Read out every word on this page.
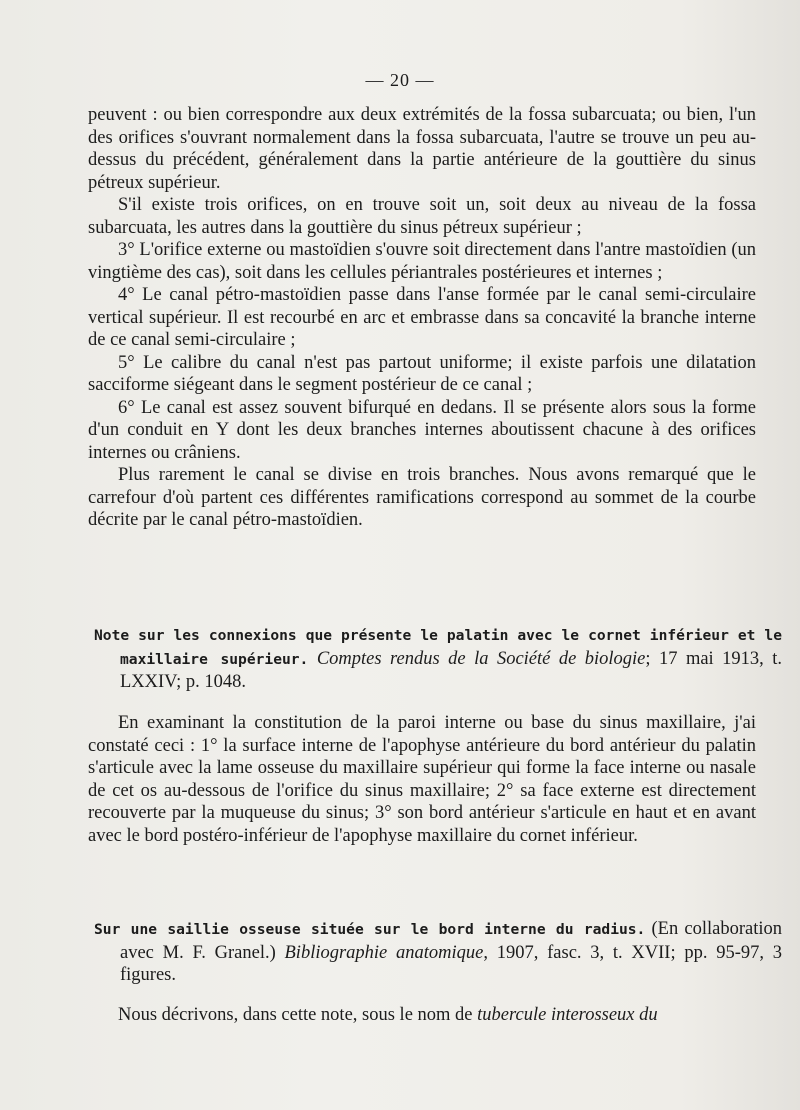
— 20 —

peuvent : ou bien correspondre aux deux extrémités de la fossa subarcuata; ou bien, l'un des orifices s'ouvrant normalement dans la fossa subarcuata, l'autre se trouve un peu au-dessus du précédent, généralement dans la partie antérieure de la gouttière du sinus pétreux supérieur.

S'il existe trois orifices, on en trouve soit un, soit deux au niveau de la fossa subarcuata, les autres dans la gouttière du sinus pétreux supérieur ;

3° L'orifice externe ou mastoïdien s'ouvre soit directement dans l'antre mastoïdien (un vingtième des cas), soit dans les cellules périantrales postérieures et internes ;

4° Le canal pétro-mastoïdien passe dans l'anse formée par le canal semi-circulaire vertical supérieur. Il est recourbé en arc et embrasse dans sa concavité la branche interne de ce canal semi-circulaire ;

5° Le calibre du canal n'est pas partout uniforme; il existe parfois une dilatation sacciforme siégeant dans le segment postérieur de ce canal ;

6° Le canal est assez souvent bifurqué en dedans. Il se présente alors sous la forme d'un conduit en Y dont les deux branches internes aboutissent chacune à des orifices internes ou crâniens.

Plus rarement le canal se divise en trois branches. Nous avons remarqué que le carrefour d'où partent ces différentes ramifications correspond au sommet de la courbe décrite par le canal pétro-mastoïdien.

Note sur les connexions que présente le palatin avec le cornet inférieur et le maxillaire supérieur. Comptes rendus de la Société de biologie; 17 mai 1913, t. LXXIV; p. 1048.

En examinant la constitution de la paroi interne ou base du sinus maxillaire, j'ai constaté ceci : 1° la surface interne de l'apophyse antérieure du bord antérieur du palatin s'articule avec la lame osseuse du maxillaire supérieur qui forme la face interne ou nasale de cet os au-dessous de l'orifice du sinus maxillaire; 2° sa face externe est directement recouverte par la muqueuse du sinus; 3° son bord antérieur s'articule en haut et en avant avec le bord postéro-inférieur de l'apophyse maxillaire du cornet inférieur.

Sur une saillie osseuse située sur le bord interne du radius. (En collaboration avec M. F. Granel.) Bibliographie anatomique, 1907, fasc. 3, t. XVII; pp. 95-97, 3 figures.

Nous décrivons, dans cette note, sous le nom de tubercule interosseux du
